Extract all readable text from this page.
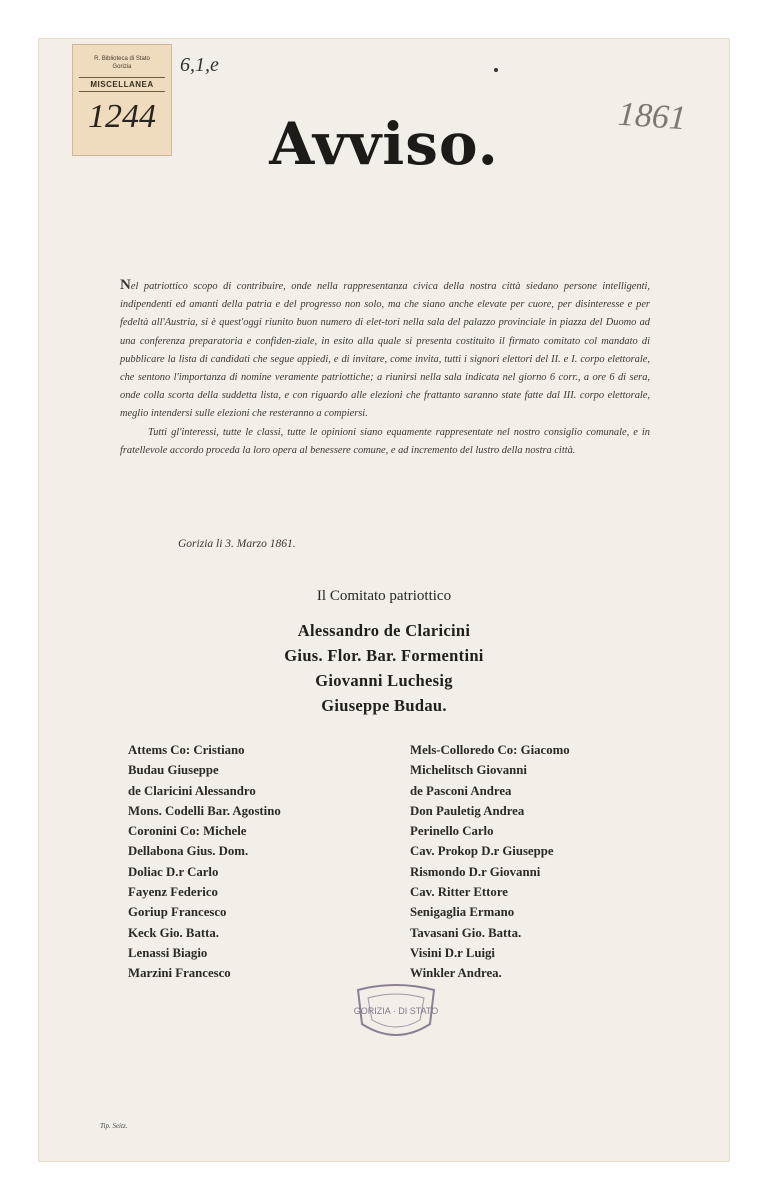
R. Biblioteca di Stato
Gorizia
MISCELLANEA
1244
6,1,e
1861
Avviso.

Nel patriottico scopo di contribuire, onde nella rappresentanza civica della nostra città siedano persone intelligenti, indipendenti ed amanti della patria e del progresso non solo, ma che siano anche elevate per cuore, per disinteresse e per fedeltà all'Austria, si è quest'oggi riunito buon numero di elet-tori nella sala del palazzo provinciale in piazza del Duomo ad una conferenza preparatoria e confiden-ziale, in esito alla quale si presenta costituito il firmato comitato col mandato di pubblicare la lista di candidati che segue appiedi, e di invitare, come invita, tutti i signori elettori del II. e I. corpo elettorale, che sentono l'importanza di nomine veramente patriottiche; a riunirsi nella sala indicata nel giorno 6 corr., a ore 6 di sera, onde colla scorta della suddetta lista, e con riguardo alle elezioni che frattanto saranno state fatte dal III. corpo elettorale, meglio intendersi sulle elezioni che resteranno a compiersi.

Tutti gl'interessi, tutte le classi, tutte le opinioni siano equamente rappresentate nel nostro consiglio comunale, e in fratellevole accordo proceda la loro opera al benessere comune, e ad incremento del lustro della nostra città.

Gorizia li 3. Marzo 1861.
Il Comitato patriottico
Alessandro de Claricini
Gius. Flor. Bar. Formentini
Giovanni Luchesig
Giuseppe Budau.
Attems Co: Cristiano
Budau Giuseppe
de Claricini Alessandro
Mons. Codelli Bar. Agostino
Coronini Co: Michele
Dellabona Gius. Dom.
Doliac D.r Carlo
Fayenz Federico
Goriup Francesco
Keck Gio. Batta.
Lenassi Biagio
Marzini Francesco
Mels-Colloredo Co: Giacomo
Michelitsch Giovanni
de Pasconi Andrea
Don Pauletig Andrea
Perinello Carlo
Cav. Prokop D.r Giuseppe
Rismondo D.r Giovanni
Cav. Ritter Ettore
Senigaglia Ermano
Tavasani Gio. Batta.
Visini D.r Luigi
Winkler Andrea.
GORIZIA · DI STATO
Tip. Seitz.
